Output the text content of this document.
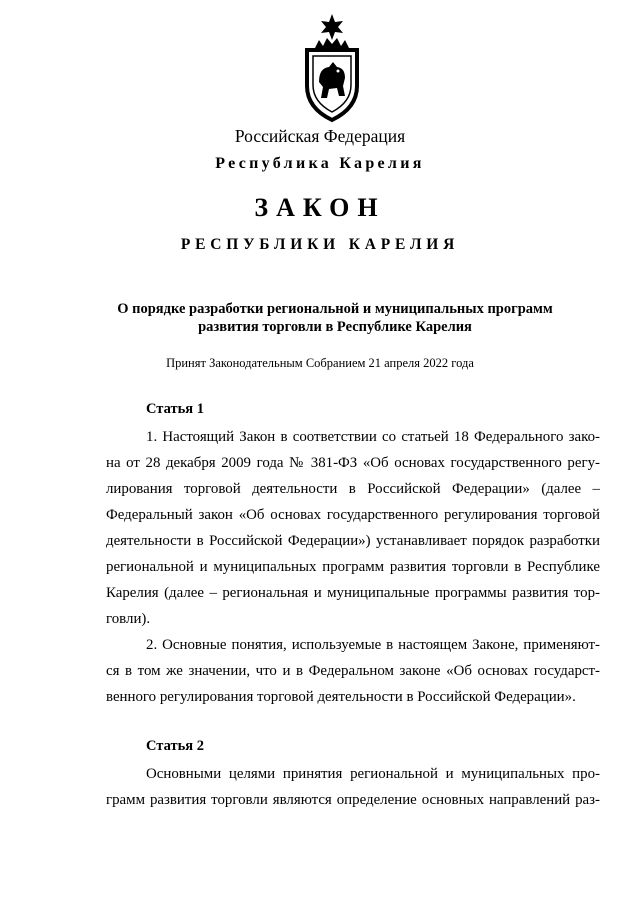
Российская Федерация
Республика Карелия
ЗАКОН
РЕСПУБЛИКИ КАРЕЛИЯ
О порядке разработки региональной и муниципальных программ
развития торговли в Республике Карелия
Принят Законодательным Собранием 21 апреля 2022 года
Статья 1
1. Настоящий Закон в соответствии со статьей 18 Федерального зако-
на от 28 декабря 2009 года № 381-ФЗ «Об основах государственного регу-
лирования торговой деятельности в Российской Федерации» (далее –
Федеральный закон «Об основах государственного регулирования торговой
деятельности в Российской Федерации») устанавливает порядок разработки
региональной и муниципальных программ развития торговли в Республике
Карелия (далее – региональная и муниципальные программы развития тор-
говли).
2. Основные понятия, используемые в настоящем Законе, применяют-
ся в том же значении, что и в Федеральном законе «Об основах государст-
венного регулирования торговой деятельности в Российской Федерации».
Статья 2
Основными целями принятия региональной и муниципальных про-
грамм развития торговли являются определение основных направлений раз-
